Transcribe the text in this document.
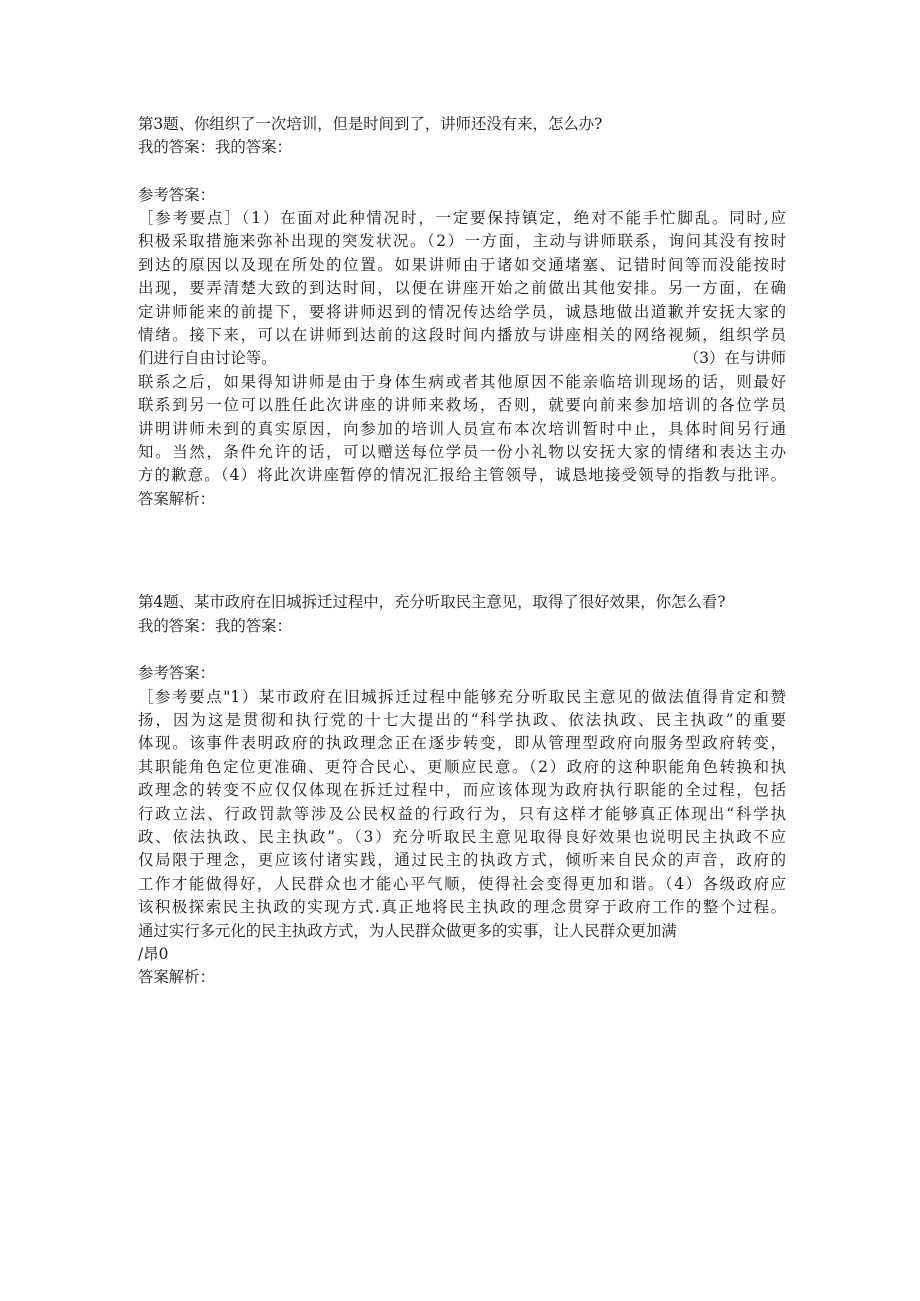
第3题、你组织了一次培训，但是时间到了，讲师还没有来，怎么办?
我的答案：我的答案：
参考答案：
［参考要点］（1）在面对此种情况时，一定要保持镇定，绝对不能手忙脚乱。同时,应
积极采取措施来弥补出现的突发状况。（2）一方面，主动与讲师联系，询问其没有按时
到达的原因以及现在所处的位置。如果讲师由于诸如交通堵塞、记错时间等而没能按时
出现，要弄清楚大致的到达时间，以便在讲座开始之前做出其他安排。另一方面，在确
定讲师能来的前提下，要将讲师迟到的情况传达给学员，诚恳地做出道歉并安抚大家的
情绪。接下来，可以在讲师到达前的这段时间内播放与讲座相关的网络视频，组织学员
们进行自由讨论等。	（3）在与讲师
联系之后，如果得知讲师是由于身体生病或者其他原因不能亲临培训现场的话，则最好
联系到另一位可以胜任此次讲座的讲师来救场，否则，就要向前来参加培训的各位学员
讲明讲师未到的真实原因，向参加的培训人员宣布本次培训暂时中止，具体时间另行通
知。当然，条件允许的话，可以赠送每位学员一份小礼物以安抚大家的情绪和表达主办
方的歉意。（4）将此次讲座暂停的情况汇报给主管领导，诚恳地接受领导的指教与批评。
答案解析：
第4题、某市政府在旧城拆迁过程中，充分听取民主意见，取得了很好效果，你怎么看?
我的答案：我的答案：
参考答案：
［参考要点"1）某市政府在旧城拆迁过程中能够充分听取民主意见的做法值得肯定和赞
扬，因为这是贯彻和执行党的十七大提出的“科学执政、依法执政、民主执政”的重要
体现。该事件表明政府的执政理念正在逐步转变，即从管理型政府向服务型政府转变，
其职能角色定位更准确、更符合民心、更顺应民意。（2）政府的这种职能角色转换和执
政理念的转变不应仅仅体现在拆迁过程中，而应该体现为政府执行职能的全过程，包括
行政立法、行政罚款等涉及公民权益的行政行为，只有这样才能够真正体现出“科学执
政、依法执政、民主执政”。（3）充分听取民主意见取得良好效果也说明民主执政不应
仅局限于理念，更应该付诸实践，通过民主的执政方式，倾听来自民众的声音，政府的
工作才能做得好，人民群众也才能心平气顺，使得社会变得更加和谐。（4）各级政府应
该积极探索民主执政的实现方式.真正地将民主执政的理念贯穿于政府工作的整个过程。
通过实行多元化的民主执政方式，为人民群众做更多的实事，让人民群众更加满
/昂0
答案解析：
